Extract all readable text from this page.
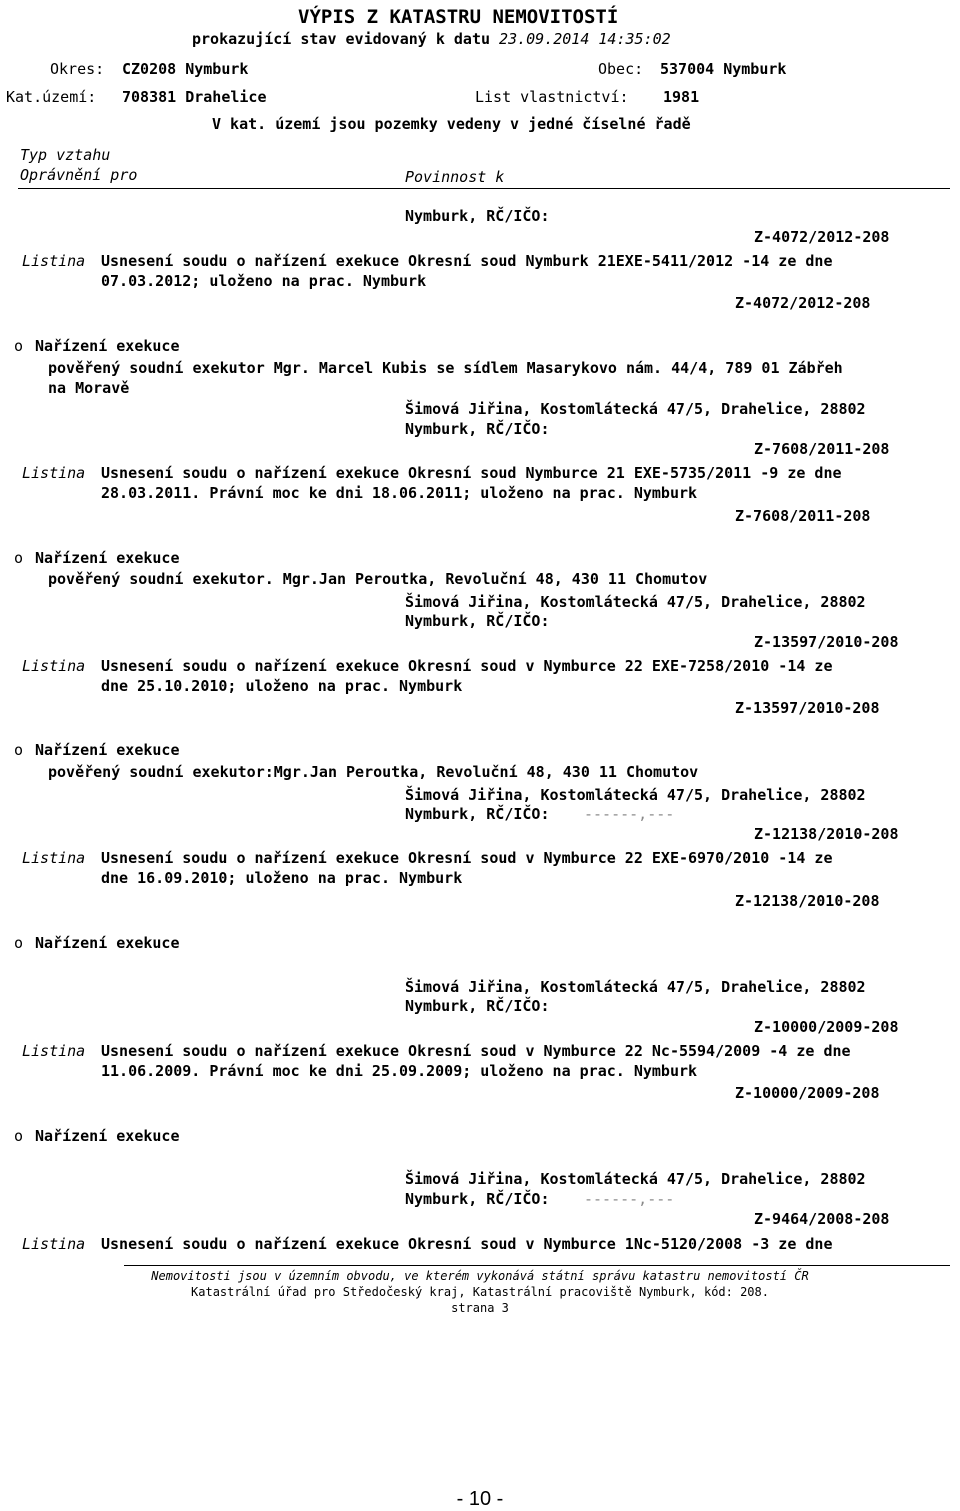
VÝPIS Z KATASTRU NEMOVITOSTÍ
prokazující stav evidovaný k datu 23.09.2014 14:35:02
Okres: CZ0208 Nymburk	Obec: 537004 Nymburk
Kat.území: 708381 Drahelice	List vlastnictví: 1981
V kat. území jsou pozemky vedeny v jedné číselné řadě
Typ vztahu
Oprávnění pro	Povinnost k
Nymburk, RČ/IČO:
Z-4072/2012-208
Listina Usnesení soudu o nařízení exekuce Okresní soud Nymburk 21EXE-5411/2012 -14 ze dne
07.03.2012; uloženo na prac. Nymburk
Z-4072/2012-208
o Nařízení exekuce
pověřený soudní exekutor Mgr. Marcel Kubis se sídlem Masarykovo nám. 44/4, 789 01 Zábřeh
na Moravě
Šimová Jiřina, Kostomlátecká 47/5, Drahelice, 28802
Nymburk, RČ/IČO:
Z-7608/2011-208
Listina Usnesení soudu o nařízení exekuce Okresní soud Nymburce 21 EXE-5735/2011 -9 ze dne
28.03.2011. Právní moc ke dni 18.06.2011; uloženo na prac. Nymburk
Z-7608/2011-208
o Nařízení exekuce
pověřený soudní exekutor. Mgr.Jan Peroutka, Revoluční 48, 430 11 Chomutov
Šimová Jiřina, Kostomlátecká 47/5, Drahelice, 28802
Nymburk, RČ/IČO:
Z-13597/2010-208
Listina Usnesení soudu o nařízení exekuce Okresní soud v Nymburce 22 EXE-7258/2010 -14 ze
dne 25.10.2010; uloženo na prac. Nymburk
Z-13597/2010-208
o Nařízení exekuce
pověřený soudní exekutor:Mgr.Jan Peroutka, Revoluční 48, 430 11 Chomutov
Šimová Jiřina, Kostomlátecká 47/5, Drahelice, 28802
Nymburk, RČ/IČO: ------,---
Z-12138/2010-208
Listina Usnesení soudu o nařízení exekuce Okresní soud v Nymburce 22 EXE-6970/2010 -14 ze
dne 16.09.2010; uloženo na prac. Nymburk
Z-12138/2010-208
o Nařízení exekuce
Šimová Jiřina, Kostomlátecká 47/5, Drahelice, 28802
Nymburk, RČ/IČO:
Z-10000/2009-208
Listina Usnesení soudu o nařízení exekuce Okresní soud v Nymburce 22 Nc-5594/2009 -4 ze dne
11.06.2009. Právní moc ke dni 25.09.2009; uloženo na prac. Nymburk
Z-10000/2009-208
o Nařízení exekuce
Šimová Jiřina, Kostomlátecká 47/5, Drahelice, 28802
Nymburk, RČ/IČO: ------,---
Z-9464/2008-208
Listina Usnesení soudu o nařízení exekuce Okresní soud v Nymburce 1Nc-5120/2008 -3 ze dne
Nemovitosti jsou v územním obvodu, ve kterém vykonává státní správu katastru nemovitostí ČR
Katastrální úřad pro Středočeský kraj, Katastrální pracoviště Nymburk, kód: 208.
strana 3
- 10 -
